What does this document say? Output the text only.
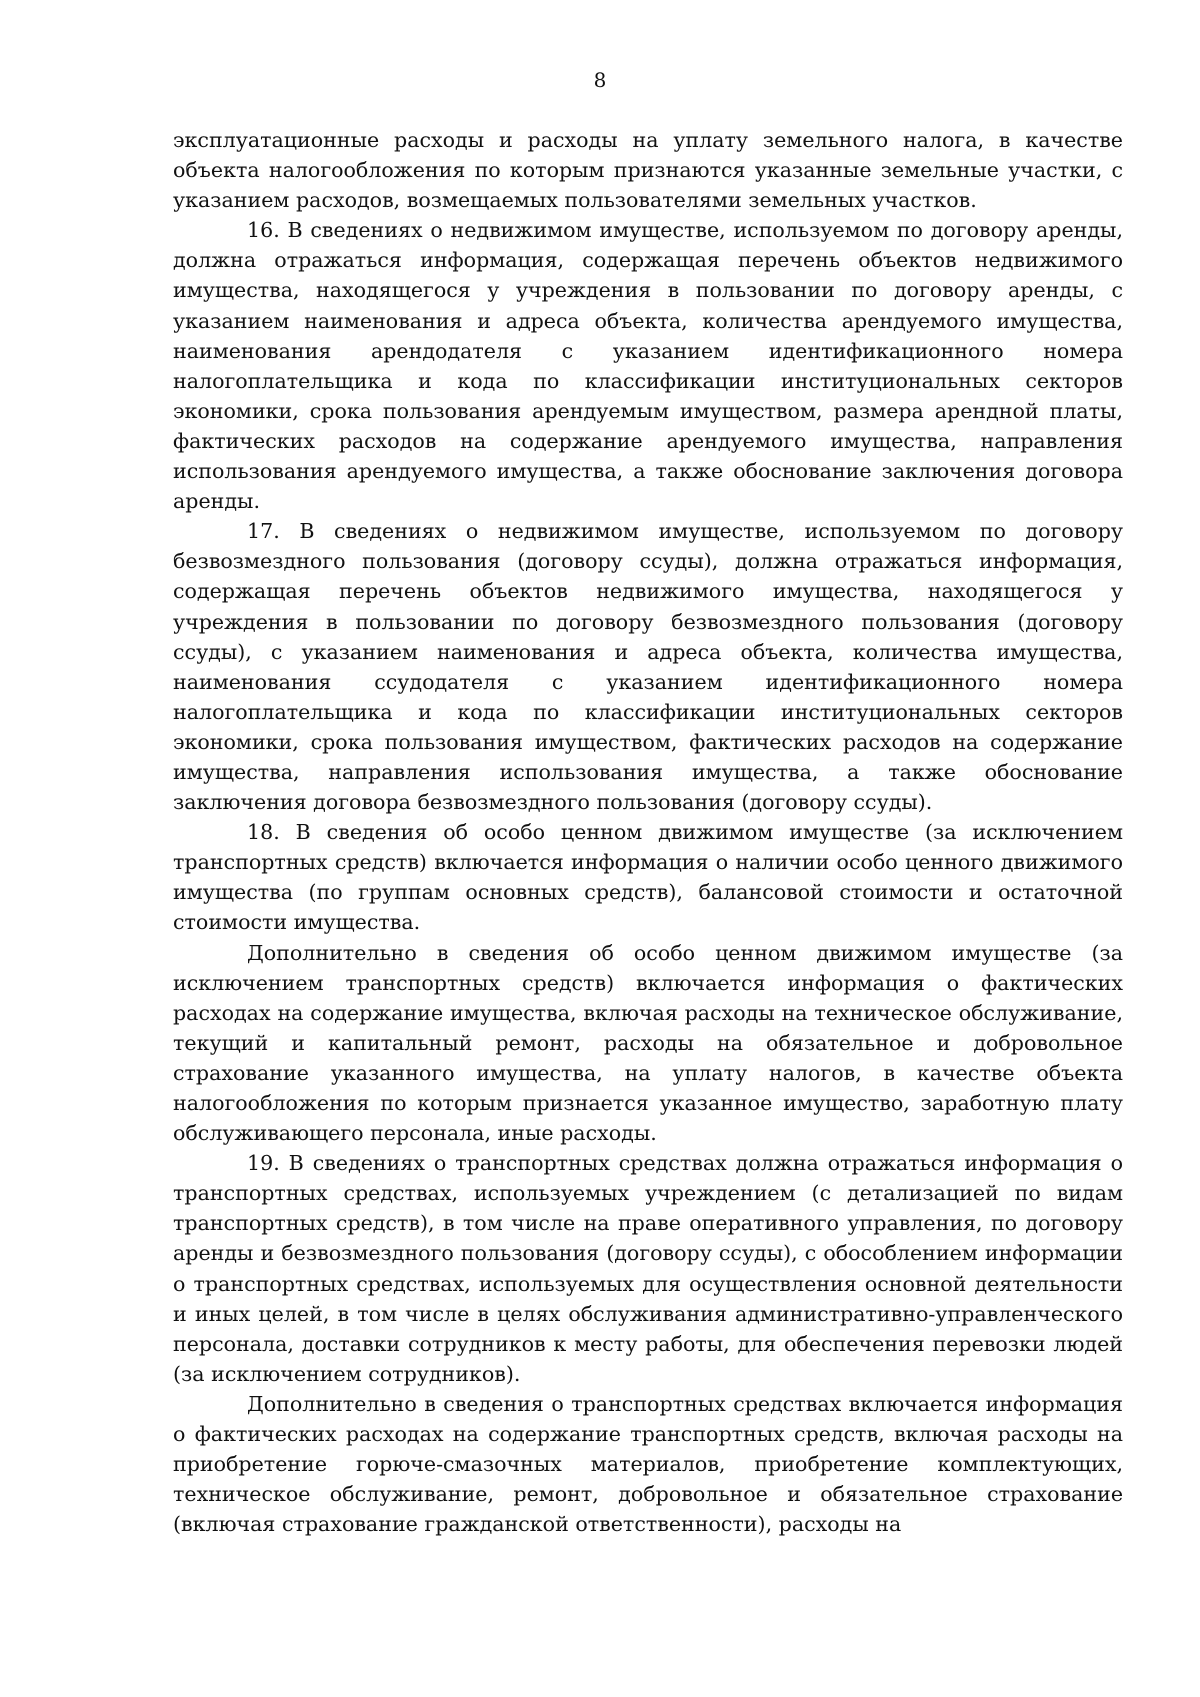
8

эксплуатационные расходы и расходы на уплату земельного налога, в качестве объекта налогообложения по которым признаются указанные земельные участки, с указанием расходов, возмещаемых пользователями земельных участков.

16. В сведениях о недвижимом имуществе, используемом по договору аренды, должна отражаться информация, содержащая перечень объектов недвижимого имущества, находящегося у учреждения в пользовании по договору аренды, с указанием наименования и адреса объекта, количества арендуемого имущества, наименования арендодателя с указанием идентификационного номера налогоплательщика и кода по классификации институциональных секторов экономики, срока пользования арендуемым имуществом, размера арендной платы, фактических расходов на содержание арендуемого имущества, направления использования арендуемого имущества, а также обоснование заключения договора аренды.

17. В сведениях о недвижимом имуществе, используемом по договору безвозмездного пользования (договору ссуды), должна отражаться информация, содержащая перечень объектов недвижимого имущества, находящегося у учреждения в пользовании по договору безвозмездного пользования (договору ссуды), с указанием наименования и адреса объекта, количества имущества, наименования ссудодателя с указанием идентификационного номера налогоплательщика и кода по классификации институциональных секторов экономики, срока пользования имуществом, фактических расходов на содержание имущества, направления использования имущества, а также обоснование заключения договора безвозмездного пользования (договору ссуды).

18. В сведения об особо ценном движимом имуществе (за исключением транспортных средств) включается информация о наличии особо ценного движимого имущества (по группам основных средств), балансовой стоимости и остаточной стоимости имущества.

Дополнительно в сведения об особо ценном движимом имуществе (за исключением транспортных средств) включается информация о фактических расходах на содержание имущества, включая расходы на техническое обслуживание, текущий и капитальный ремонт, расходы на обязательное и добровольное страхование указанного имущества, на уплату налогов, в качестве объекта налогообложения по которым признается указанное имущество, заработную плату обслуживающего персонала, иные расходы.

19. В сведениях о транспортных средствах должна отражаться информация о транспортных средствах, используемых учреждением (с детализацией по видам транспортных средств), в том числе на праве оперативного управления, по договору аренды и безвозмездного пользования (договору ссуды), с обособлением информации о транспортных средствах, используемых для осуществления основной деятельности и иных целей, в том числе в целях обслуживания административно-управленческого персонала, доставки сотрудников к месту работы, для обеспечения перевозки людей (за исключением сотрудников).

Дополнительно в сведения о транспортных средствах включается информация о фактических расходах на содержание транспортных средств, включая расходы на приобретение горюче-смазочных материалов, приобретение комплектующих, техническое обслуживание, ремонт, добровольное и обязательное страхование (включая страхование гражданской ответственности), расходы на
